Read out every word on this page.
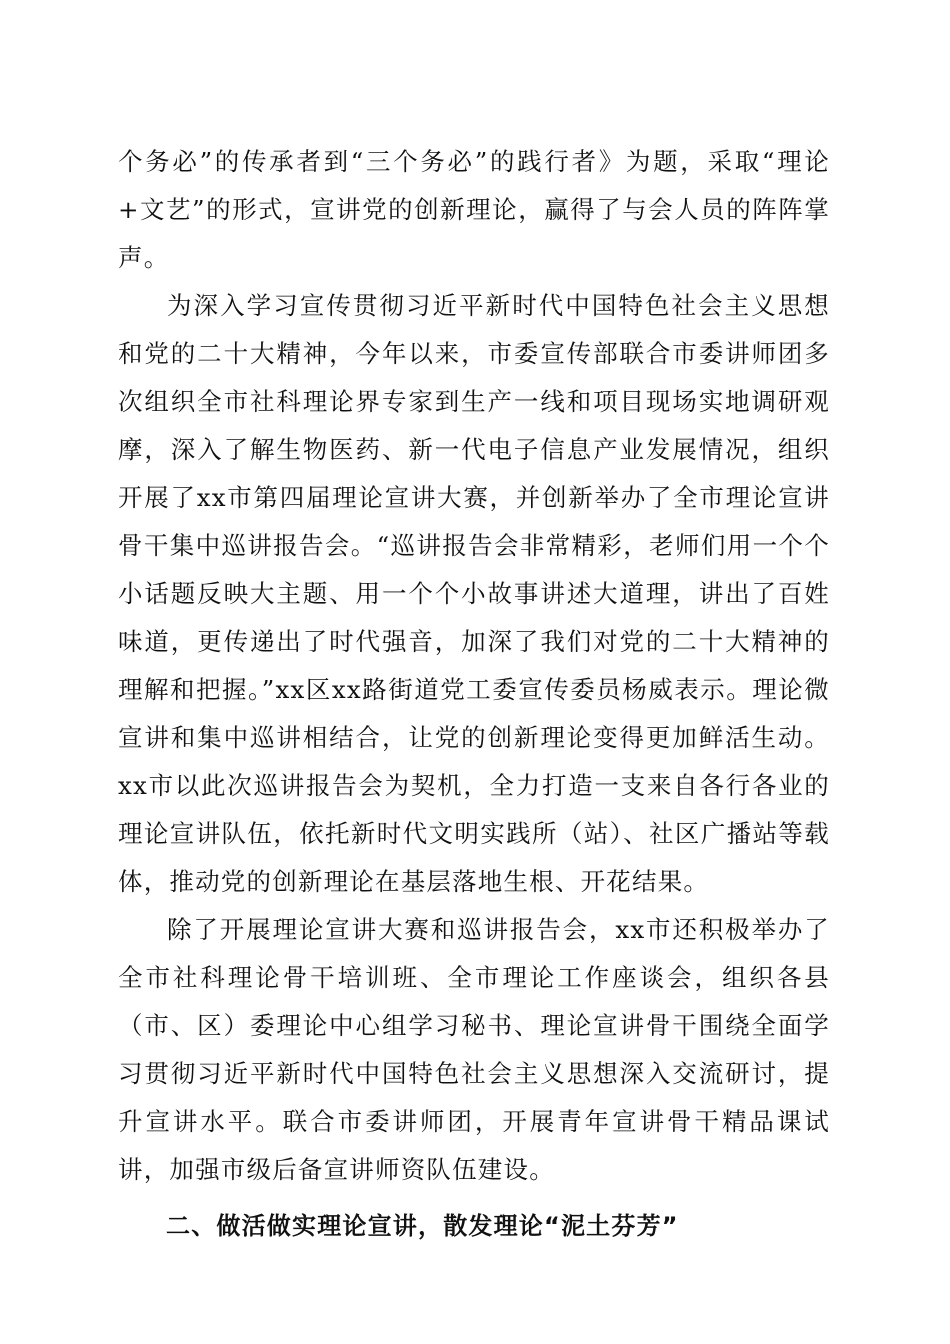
个务必”的传承者到“三个务必”的践行者》为题，采取“理论+文艺”的形式，宣讲党的创新理论，赢得了与会人员的阵阵掌声。

为深入学习宣传贯彻习近平新时代中国特色社会主义思想和党的二十大精神，今年以来，市委宣传部联合市委讲师团多次组织全市社科理论界专家到生产一线和项目现场实地调研观摩，深入了解生物医药、新一代电子信息产业发展情况，组织开展了xx市第四届理论宣讲大赛，并创新举办了全市理论宣讲骨干集中巡讲报告会。“巡讲报告会非常精彩，老师们用一个个小话题反映大主题、用一个个小故事讲述大道理，讲出了百姓味道，更传递出了时代强音，加深了我们对党的二十大精神的理解和把握。”xx区xx路街道党工委宣传委员杨威表示。理论微宣讲和集中巡讲相结合，让党的创新理论变得更加鲜活生动。xx市以此次巡讲报告会为契机，全力打造一支来自各行各业的理论宣讲队伍，依托新时代文明实践所（站）、社区广播站等载体，推动党的创新理论在基层落地生根、开花结果。

除了开展理论宣讲大赛和巡讲报告会，xx市还积极举办了全市社科理论骨干培训班、全市理论工作座谈会，组织各县（市、区）委理论中心组学习秘书、理论宣讲骨干围绕全面学习贯彻习近平新时代中国特色社会主义思想深入交流研讨，提升宣讲水平。联合市委讲师团，开展青年宣讲骨干精品课试讲，加强市级后备宣讲师资队伍建设。

二、做活做实理论宣讲，散发理论“泥土芬芳”
